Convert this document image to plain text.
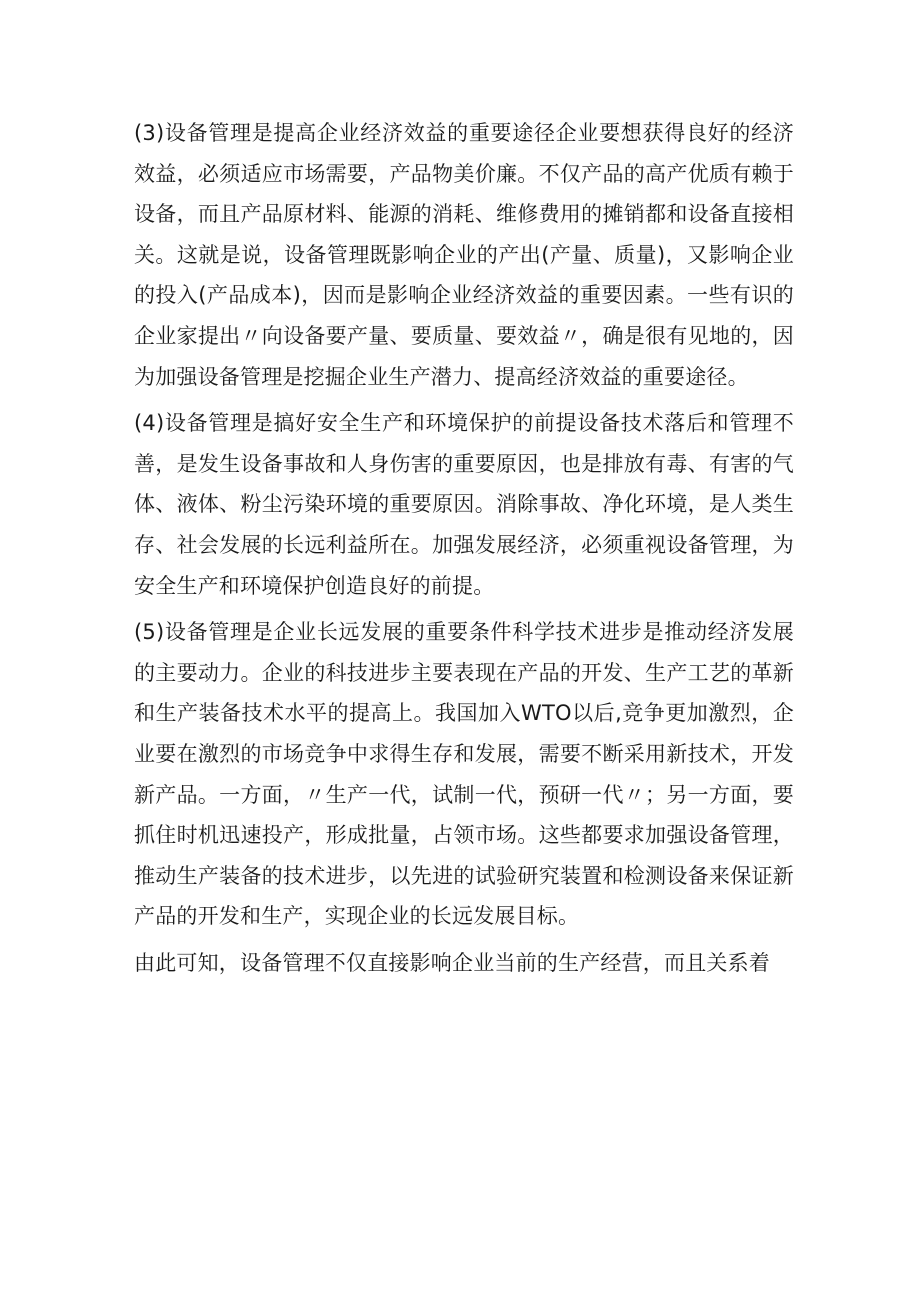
(3)设备管理是提高企业经济效益的重要途径企业要想获得良好的经济效益，必须适应市场需要，产品物美价廉。不仅产品的高产优质有赖于设备，而且产品原材料、能源的消耗、维修费用的摊销都和设备直接相关。这就是说，设备管理既影响企业的产出(产量、质量)，又影响企业的投入(产品成本)，因而是影响企业经济效益的重要因素。一些有识的企业家提出〃向设备要产量、要质量、要效益〃，确是很有见地的，因为加强设备管理是挖掘企业生产潜力、提高经济效益的重要途径。

(4)设备管理是搞好安全生产和环境保护的前提设备技术落后和管理不善，是发生设备事故和人身伤害的重要原因，也是排放有毒、有害的气体、液体、粉尘污染环境的重要原因。消除事故、净化环境，是人类生存、社会发展的长远利益所在。加强发展经济，必须重视设备管理，为安全生产和环境保护创造良好的前提。

(5)设备管理是企业长远发展的重要条件科学技术进步是推动经济发展的主要动力。企业的科技进步主要表现在产品的开发、生产工艺的革新和生产装备技术水平的提高上。我国加入WTO以后,竞争更加激烈，企业要在激烈的市场竞争中求得生存和发展，需要不断采用新技术，开发新产品。一方面，〃生产一代，试制一代，预研一代〃；另一方面，要抓住时机迅速投产，形成批量，占领市场。这些都要求加强设备管理，推动生产装备的技术进步，以先进的试验研究装置和检测设备来保证新产品的开发和生产，实现企业的长远发展目标。

由此可知，设备管理不仅直接影响企业当前的生产经营，而且关系着
